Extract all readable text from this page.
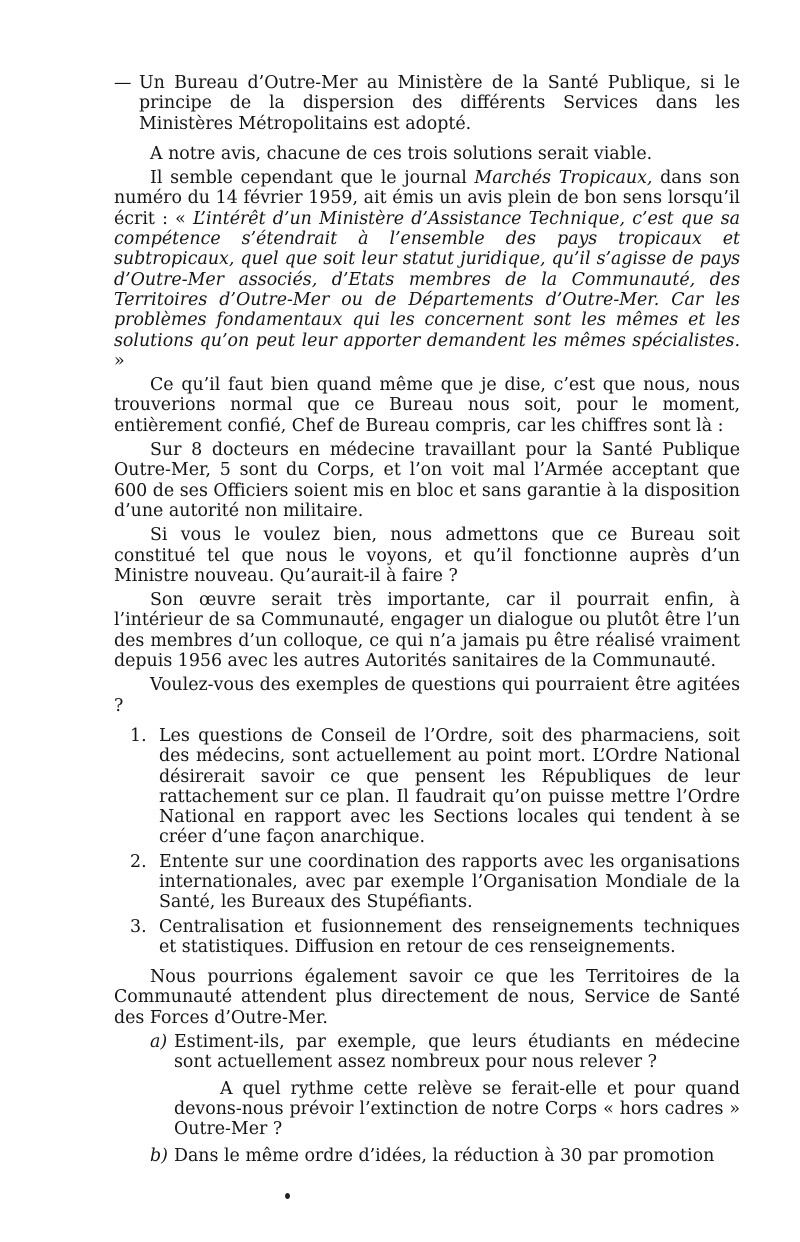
— Un Bureau d’Outre-Mer au Ministère de la Santé Publique, si le principe de la dispersion des différents Services dans les Ministères Métropolitains est adopté.

A notre avis, chacune de ces trois solutions serait viable.

Il semble cependant que le journal Marchés Tropicaux, dans son numéro du 14 février 1959, ait émis un avis plein de bon sens lorsqu’il écrit : « L’intérêt d’un Ministère d’Assistance Technique, c’est que sa compétence s’étendrait à l’ensemble des pays tropicaux et subtropicaux, quel que soit leur statut juridique, qu’il s’agisse de pays d’Outre-Mer associés, d’Etats membres de la Communauté, des Territoires d’Outre-Mer ou de Départements d’Outre-Mer. Car les problèmes fondamentaux qui les concernent sont les mêmes et les solutions qu’on peut leur apporter demandent les mêmes spécialistes. »

Ce qu’il faut bien quand même que je dise, c’est que nous, nous trouverions normal que ce Bureau nous soit, pour le moment, entièrement confié, Chef de Bureau compris, car les chiffres sont là :

Sur 8 docteurs en médecine travaillant pour la Santé Publique Outre-Mer, 5 sont du Corps, et l’on voit mal l’Armée acceptant que 600 de ses Officiers soient mis en bloc et sans garantie à la disposition d’une autorité non militaire.

Si vous le voulez bien, nous admettons que ce Bureau soit constitué tel que nous le voyons, et qu’il fonctionne auprès d’un Ministre nouveau. Qu’aurait-il à faire ?

Son œuvre serait très importante, car il pourrait enfin, à l’intérieur de sa Communauté, engager un dialogue ou plutôt être l’un des membres d’un colloque, ce qui n’a jamais pu être réalisé vraiment depuis 1956 avec les autres Autorités sanitaires de la Communauté.

Voulez-vous des exemples de questions qui pourraient être agitées ?

1. Les questions de Conseil de l’Ordre, soit des pharmaciens, soit des médecins, sont actuellement au point mort. L’Ordre National désirerait savoir ce que pensent les Républiques de leur rattachement sur ce plan. Il faudrait qu’on puisse mettre l’Ordre National en rapport avec les Sections locales qui tendent à se créer d’une façon anarchique.
2. Entente sur une coordination des rapports avec les organisations internationales, avec par exemple l’Organisation Mondiale de la Santé, les Bureaux des Stupéfiants.
3. Centralisation et fusionnement des renseignements techniques et statistiques. Diffusion en retour de ces renseignements.

Nous pourrions également savoir ce que les Territoires de la Communauté attendent plus directement de nous, Service de Santé des Forces d’Outre-Mer.

a) Estiment-ils, par exemple, que leurs étudiants en médecine sont actuellement assez nombreux pour nous relever ?

A quel rythme cette relève se ferait-elle et pour quand devons-nous prévoir l’extinction de notre Corps « hors cadres » Outre-Mer ?

b) Dans le même ordre d’idées, la réduction à 30 par promotion
